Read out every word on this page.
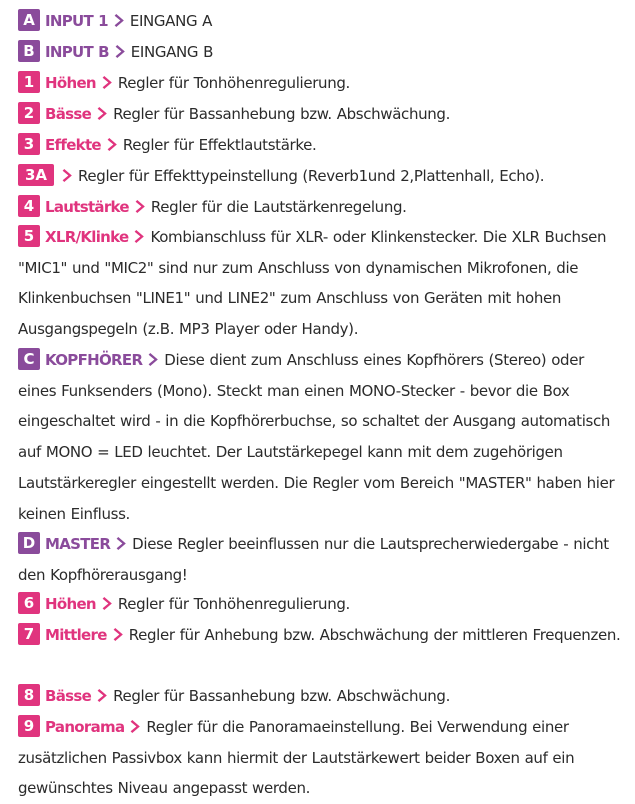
A INPUT 1 EINGANG A
B INPUT B EINGANG B
1 Höhen Regler für Tonhöhenregulierung.
2 Bässe Regler für Bassanhebung bzw. Abschwächung.
3 Effekte Regler für Effektlautstärke.
3A Regler für Effekttypeinstellung (Reverb1und 2,Plattenhall, Echo).
4 Lautstärke Regler für die Lautstärkenregelung.
5 XLR/Klinke Kombianschluss für XLR- oder Klinkenstecker. Die XLR Buchsen "MIC1" und "MIC2" sind nur zum Anschluss von dynamischen Mikrofonen, die Klinkenbuchsen "LINE1" und LINE2" zum Anschluss von Geräten mit hohen Ausgangspegeln (z.B. MP3 Player oder Handy).
C KOPFHÖRER Diese dient zum Anschluss eines Kopfhörers (Stereo) oder eines Funksenders (Mono). Steckt man einen MONO-Stecker - bevor die Box eingeschaltet wird - in die Kopfhörerbuchse, so schaltet der Ausgang automatisch auf MONO = LED leuchtet. Der Lautstärkepegel kann mit dem zugehörigen Lautstärkeregler eingestellt werden. Die Regler vom Bereich "MASTER" haben hier keinen Einfluss.
D MASTER Diese Regler beeinflussen nur die Lautsprecherwiedergabe - nicht den Kopfhörerausgang!
6 Höhen Regler für Tonhöhenregulierung.
7 Mittlere Regler für Anhebung bzw. Abschwächung der mittleren Frequenzen.
8 Bässe Regler für Bassanhebung bzw. Abschwächung.
9 Panorama Regler für die Panoramaeinstellung. Bei Verwendung einer zusätzlichen Passivbox kann hiermit der Lautstärkewert beider Boxen auf ein gewünschtes Niveau angepasst werden.
